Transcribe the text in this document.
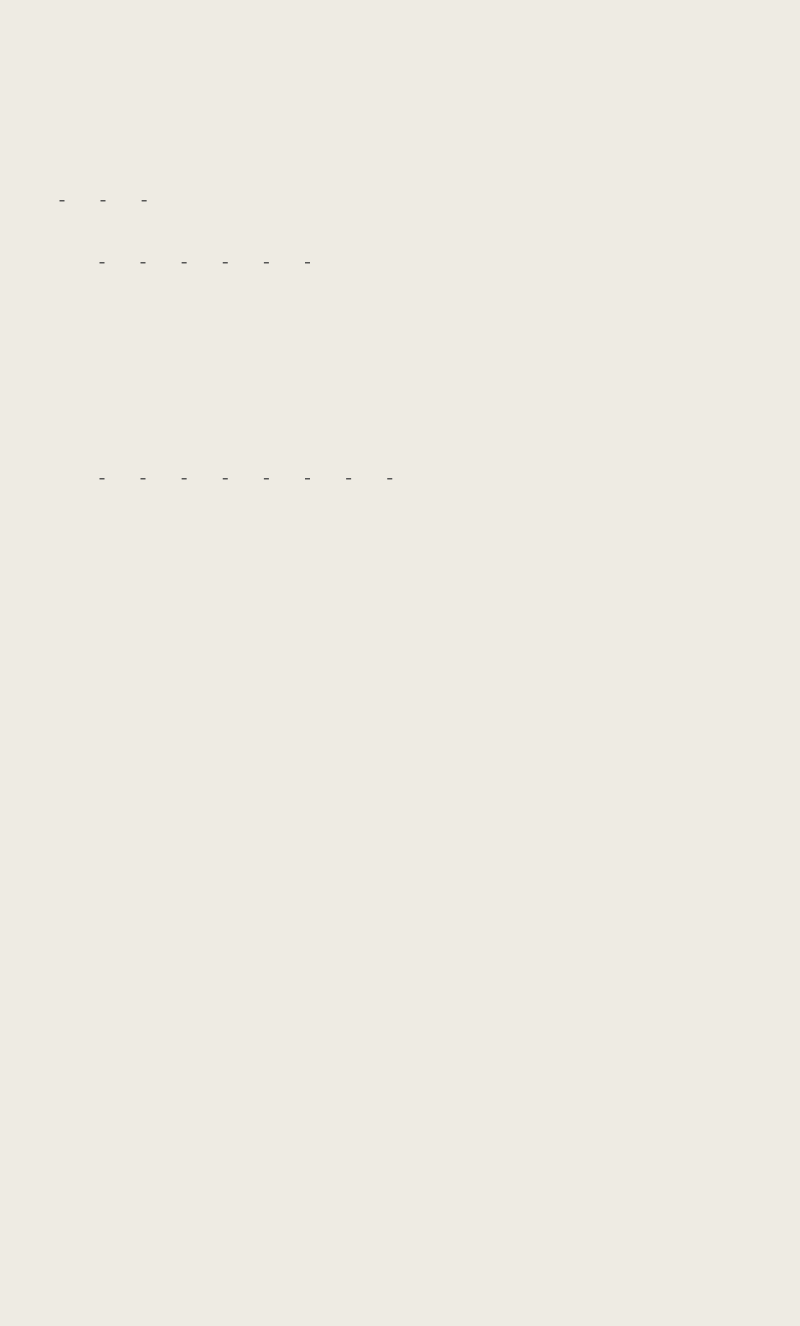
- - -
- - - - - -
- - - - - - - -
